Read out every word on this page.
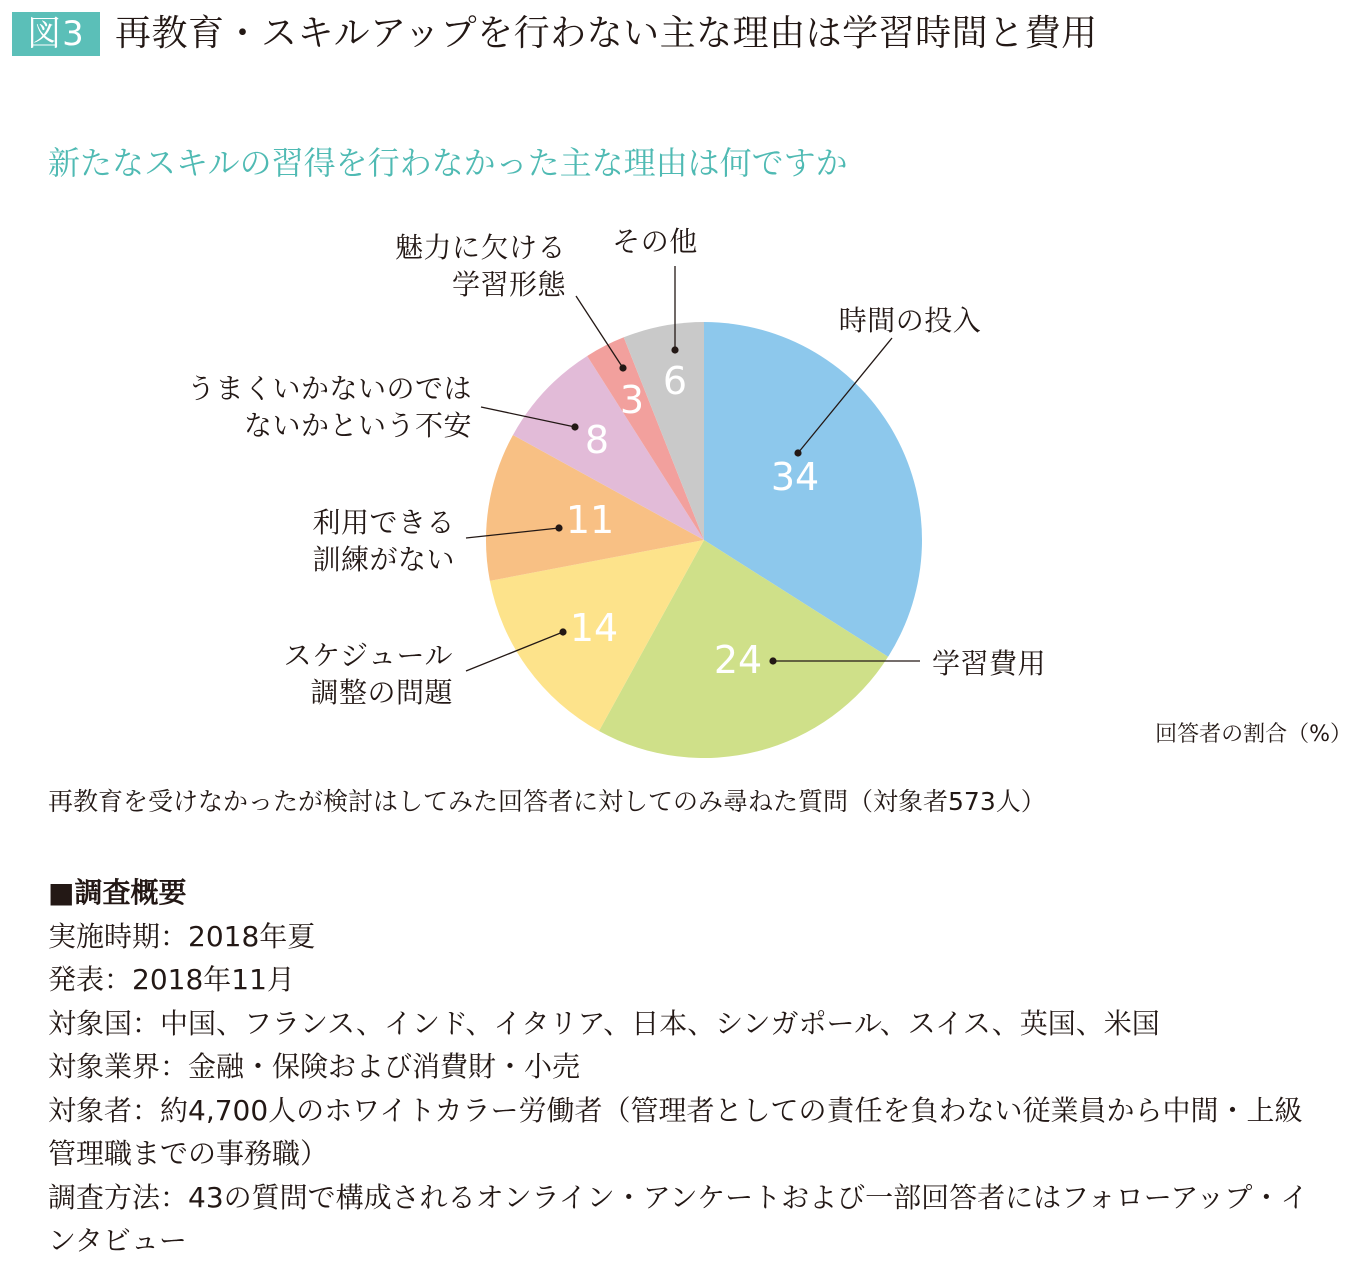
図3 再教育・スキルアップを行わない主な理由は学習時間と費用
新たなスキルの習得を行わなかった主な理由は何ですか
34
24
14
11
8
3 6
時間の投入
学習費用
スケジュール
調整の問題
利用できる
訓練がない
うまくいかないのでは
ないかという不安
魅力に欠ける
学習形態
その他
回答者の割合（%）
再教育を受けなかったが検討はしてみた回答者に対してのみ尋ねた質問（対象者573人）
■調査概要
実施時期：2018年夏
発表：2018年11月
対象国：中国、フランス、インド、イタリア、日本、シンガポール、スイス、英国、米国
対象業界：金融・保険および消費財・小売
対象者：約4,700人のホワイトカラー労働者（管理者としての責任を負わない従業員から中間・上級
管理職までの事務職）
調査方法：43の質問で構成されるオンライン・アンケートおよび一部回答者にはフォローアップ・イ
ンタビュー
